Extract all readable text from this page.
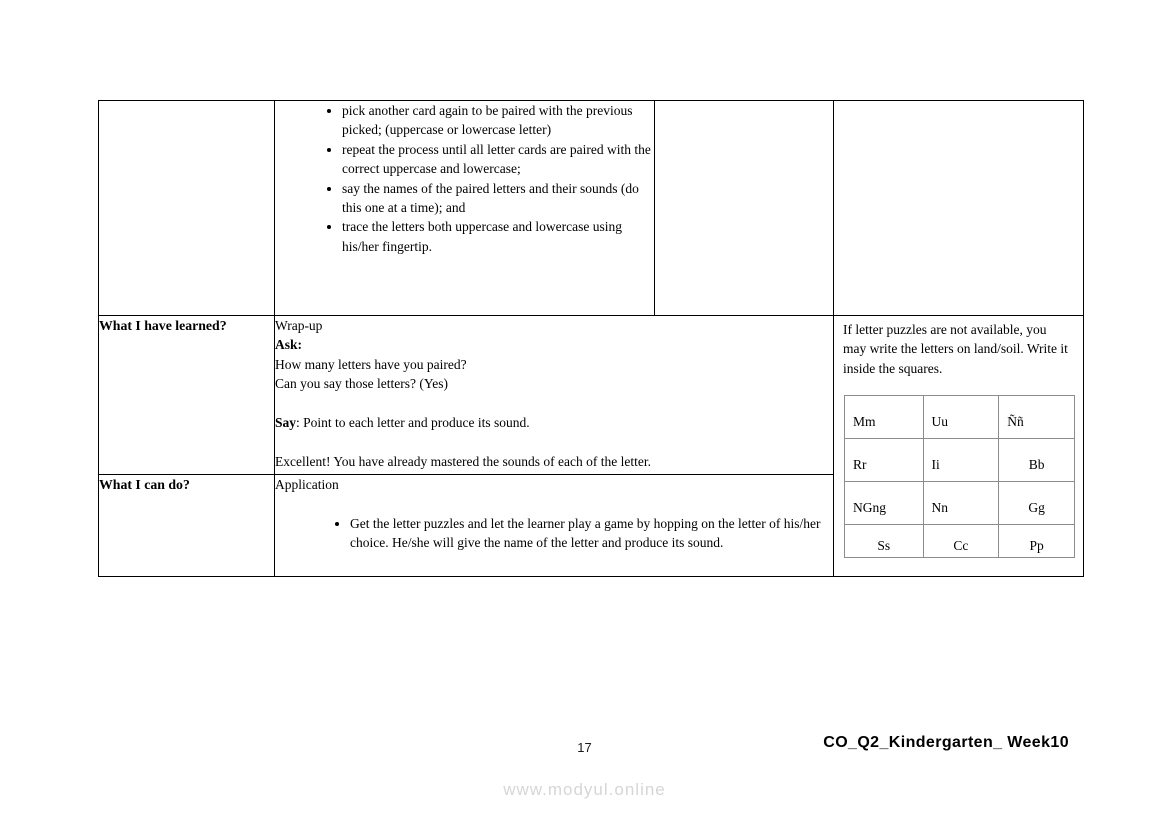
• pick another card again to be paired with the previous picked; (uppercase or lowercase letter)
• repeat the process until all letter cards are paired with the correct uppercase and lowercase;
• say the names of the paired letters and their sounds (do this one at a time); and
• trace the letters both uppercase and lowercase using his/her fingertip.

What I have learned?	Wrap-up
Ask:
How many letters have you paired?
Can you say those letters? (Yes)
Say: Point to each letter and produce its sound.
Excellent! You have already mastered the sounds of each of the letter.

If letter puzzles are not available, you may write the letters on land/soil. Write it inside the squares.
Mm	Uu	Ññ
Rr	Ii	Bb
NGng	Nn	Gg
Ss	Cc	Pp

What I can do?	Application
• Get the letter puzzles and let the learner play a game by hopping on the letter of his/her choice. He/she will give the name of the letter and produce its sound.
17	CO_Q2_Kindergarten_ Week10
www.modyul.online
